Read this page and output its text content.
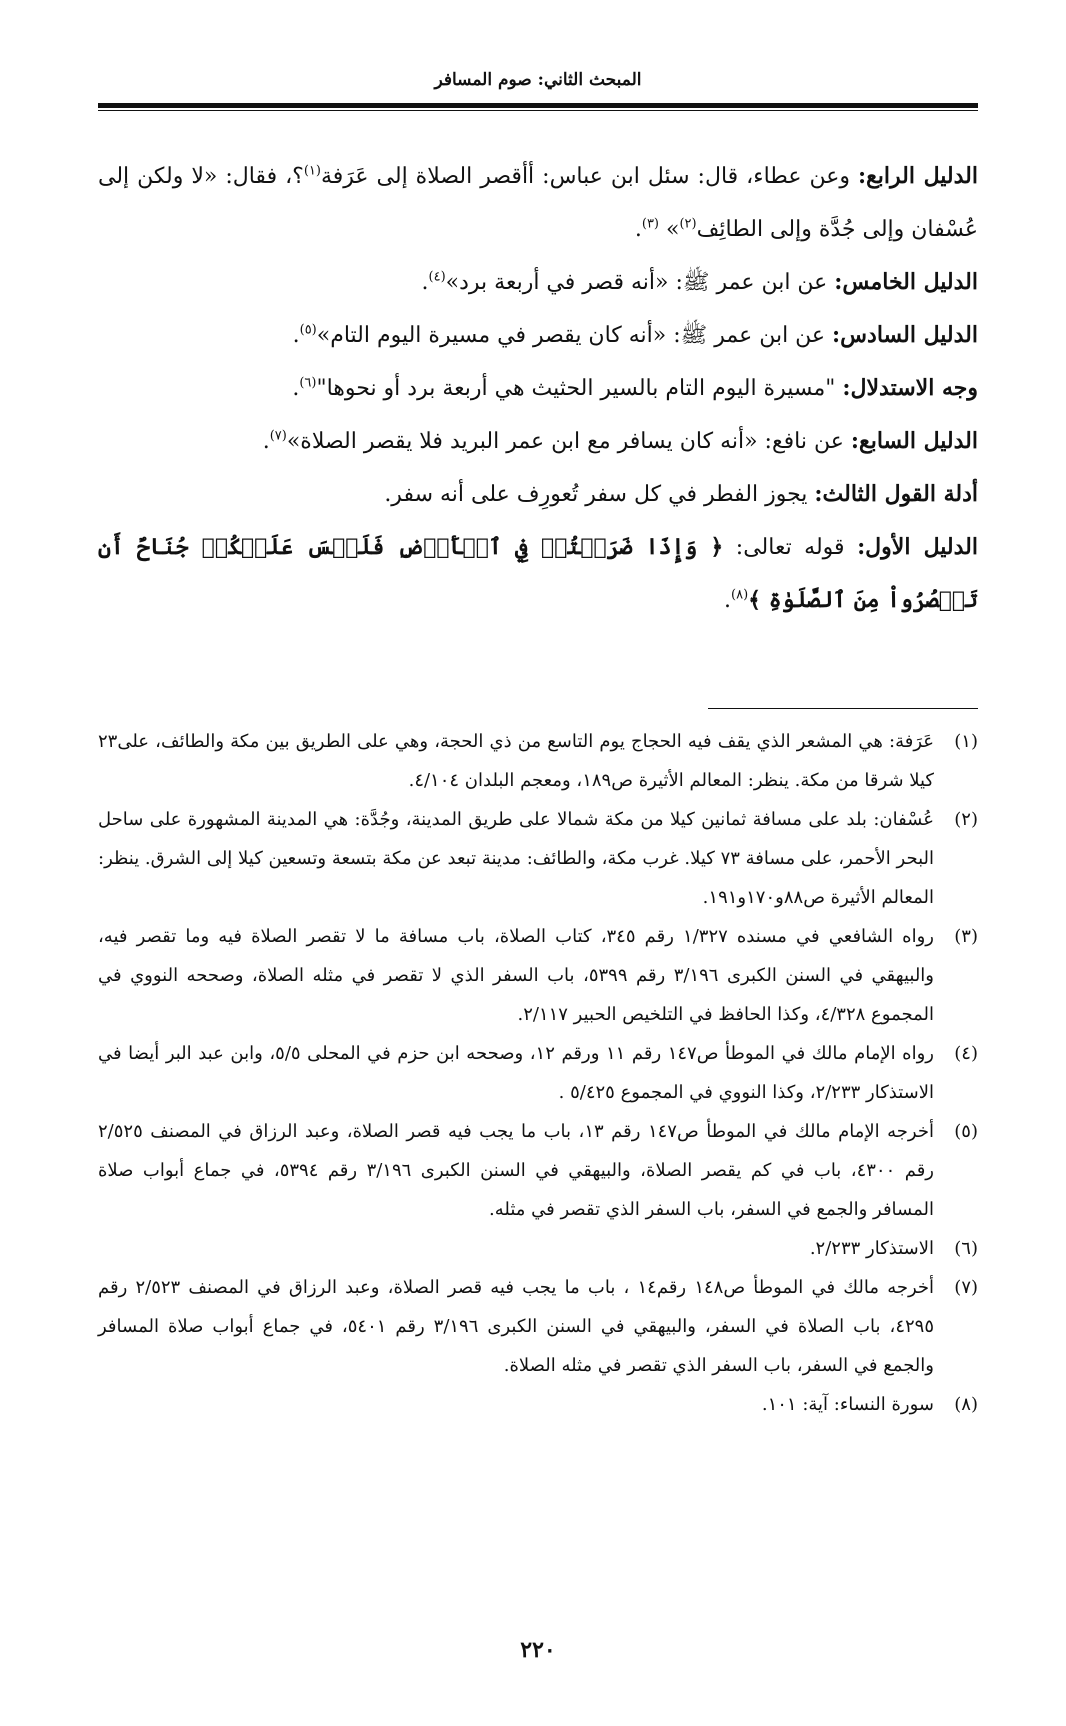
المبحث الثاني: صوم المسافر

الدليل الرابع: وعن عطاء، قال: سئل ابن عباس: أأقصر الصلاة إلى عَرَفة$^{(١)}$؟، فقال: «لا ولكن إلى عُسْفان وإلى جُدَّة وإلى الطائِف$^{(٢)}$» $^{(٣)}$.

الدليل الخامس: عن ابن عمر ﷺ: «أنه قصر في أربعة برد»$^{(٤)}$.

الدليل السادس: عن ابن عمر ﷺ: «أنه كان يقصر في مسيرة اليوم التام»$^{(٥)}$.

وجه الاستدلال: "مسيرة اليوم التام بالسير الحثيث هي أربعة برد أو نحوها"$^{(٦)}$.

الدليل السابع: عن نافع: «أنه كان يسافر مع ابن عمر البريد فلا يقصر الصلاة»$^{(٧)}$.

أدلة القول الثالث: يجوز الفطر في كل سفر تُعورِف على أنه سفر.

الدليل الأول: قوله تعالى: ﴿ وَإِذَا ضَرَبۡتُمۡ فِي ٱلۡأَرۡضِ فَلَيۡسَ عَلَيۡكُمۡ جُنَاحٌ أَن تَقۡصُرُواْ مِنَ ٱلصَّلَوٰةِ ﴾$^{(٨)}$.

(١)عَرَفة: هي المشعر الذي يقف فيه الحجاج يوم التاسع من ذي الحجة، وهي على الطريق بين مكة والطائف، على٢٣ كيلا شرقا من مكة. ينظر: المعالم الأثيرة ص١٨٩، ومعجم البلدان ٤/١٠٤.

(٢)عُسْفان: بلد على مسافة ثمانين كيلا من مكة شمالا على طريق المدينة، وجُدَّة: هي المدينة المشهورة على ساحل البحر الأحمر، على مسافة ٧٣ كيلا. غرب مكة، والطائف: مدينة تبعد عن مكة بتسعة وتسعين كيلا إلى الشرق. ينظر: المعالم الأثيرة ص٨٨و١٧٠و١٩١.

(٣)رواه الشافعي في مسنده ١/٣٢٧ رقم ٣٤٥، كتاب الصلاة، باب مسافة ما لا تقصر الصلاة فيه وما تقصر فيه، والبيهقي في السنن الكبرى ٣/١٩٦ رقم ٥٣٩٩، باب السفر الذي لا تقصر في مثله الصلاة، وصححه النووي في المجموع ٤/٣٢٨، وكذا الحافظ في التلخيص الحبير ٢/١١٧.

(٤)رواه الإمام مالك في الموطأ ص١٤٧ رقم ١١ ورقم ١٢، وصححه ابن حزم في المحلى ٥/٥، وابن عبد البر أيضا في الاستذكار ٢/٢٣٣، وكذا النووي في المجموع ٥/٤٢٥ .

(٥)أخرجه الإمام مالك في الموطأ ص١٤٧ رقم ١٣، باب ما يجب فيه قصر الصلاة، وعبد الرزاق في المصنف ٢/٥٢٥ رقم ٤٣٠٠، باب في كم يقصر الصلاة، والبيهقي في السنن الكبرى ٣/١٩٦ رقم ٥٣٩٤، في جماع أبواب صلاة المسافر والجمع في السفر، باب السفر الذي تقصر في مثله.

(٦)الاستذكار ٢/٢٣٣.

(٧)أخرجه مالك في الموطأ ص١٤٨ رقم١٤ ، باب ما يجب فيه قصر الصلاة، وعبد الرزاق في المصنف ٢/٥٢٣ رقم ٤٢٩٥، باب الصلاة في السفر، والبيهقي في السنن الكبرى ٣/١٩٦ رقم ٥٤٠١، في جماع أبواب صلاة المسافر والجمع في السفر، باب السفر الذي تقصر في مثله الصلاة.

(٨)سورة النساء: آية: ١٠١.

٢٢٠
